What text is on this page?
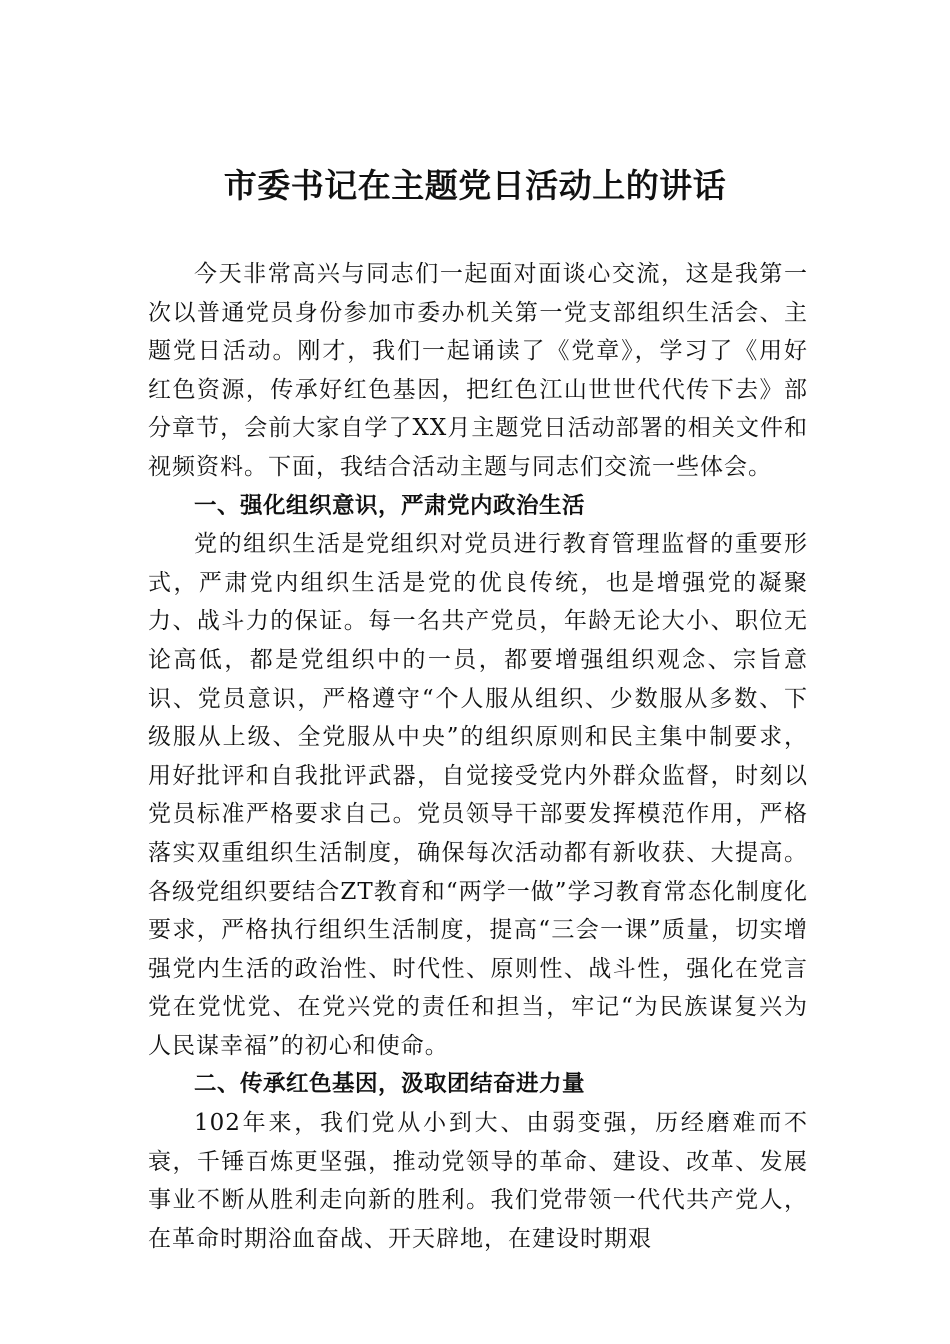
市委书记在主题党日活动上的讲话

今天非常高兴与同志们一起面对面谈心交流，这是我第一次以普通党员身份参加市委办机关第一党支部组织生活会、主题党日活动。刚才，我们一起诵读了《党章》，学习了《用好红色资源，传承好红色基因，把红色江山世世代代传下去》部分章节，会前大家自学了XX月主题党日活动部署的相关文件和视频资料。下面，我结合活动主题与同志们交流一些体会。

一、强化组织意识，严肃党内政治生活

党的组织生活是党组织对党员进行教育管理监督的重要形式，严肃党内组织生活是党的优良传统，也是增强党的凝聚力、战斗力的保证。每一名共产党员，年龄无论大小、职位无论高低，都是党组织中的一员，都要增强组织观念、宗旨意识、党员意识，严格遵守“个人服从组织、少数服从多数、下级服从上级、全党服从中央”的组织原则和民主集中制要求，用好批评和自我批评武器，自觉接受党内外群众监督，时刻以党员标准严格要求自己。党员领导干部要发挥模范作用，严格落实双重组织生活制度，确保每次活动都有新收获、大提高。各级党组织要结合ZT教育和“两学一做”学习教育常态化制度化要求，严格执行组织生活制度，提高“三会一课”质量，切实增强党内生活的政治性、时代性、原则性、战斗性，强化在党言党在党忧党、在党兴党的责任和担当，牢记“为民族谋复兴为人民谋幸福”的初心和使命。

二、传承红色基因，汲取团结奋进力量

102年来，我们党从小到大、由弱变强，历经磨难而不衰，千锤百炼更坚强，推动党领导的革命、建设、改革、发展事业不断从胜利走向新的胜利。我们党带领一代代共产党人，在革命时期浴血奋战、开天辟地，在建设时期艰
